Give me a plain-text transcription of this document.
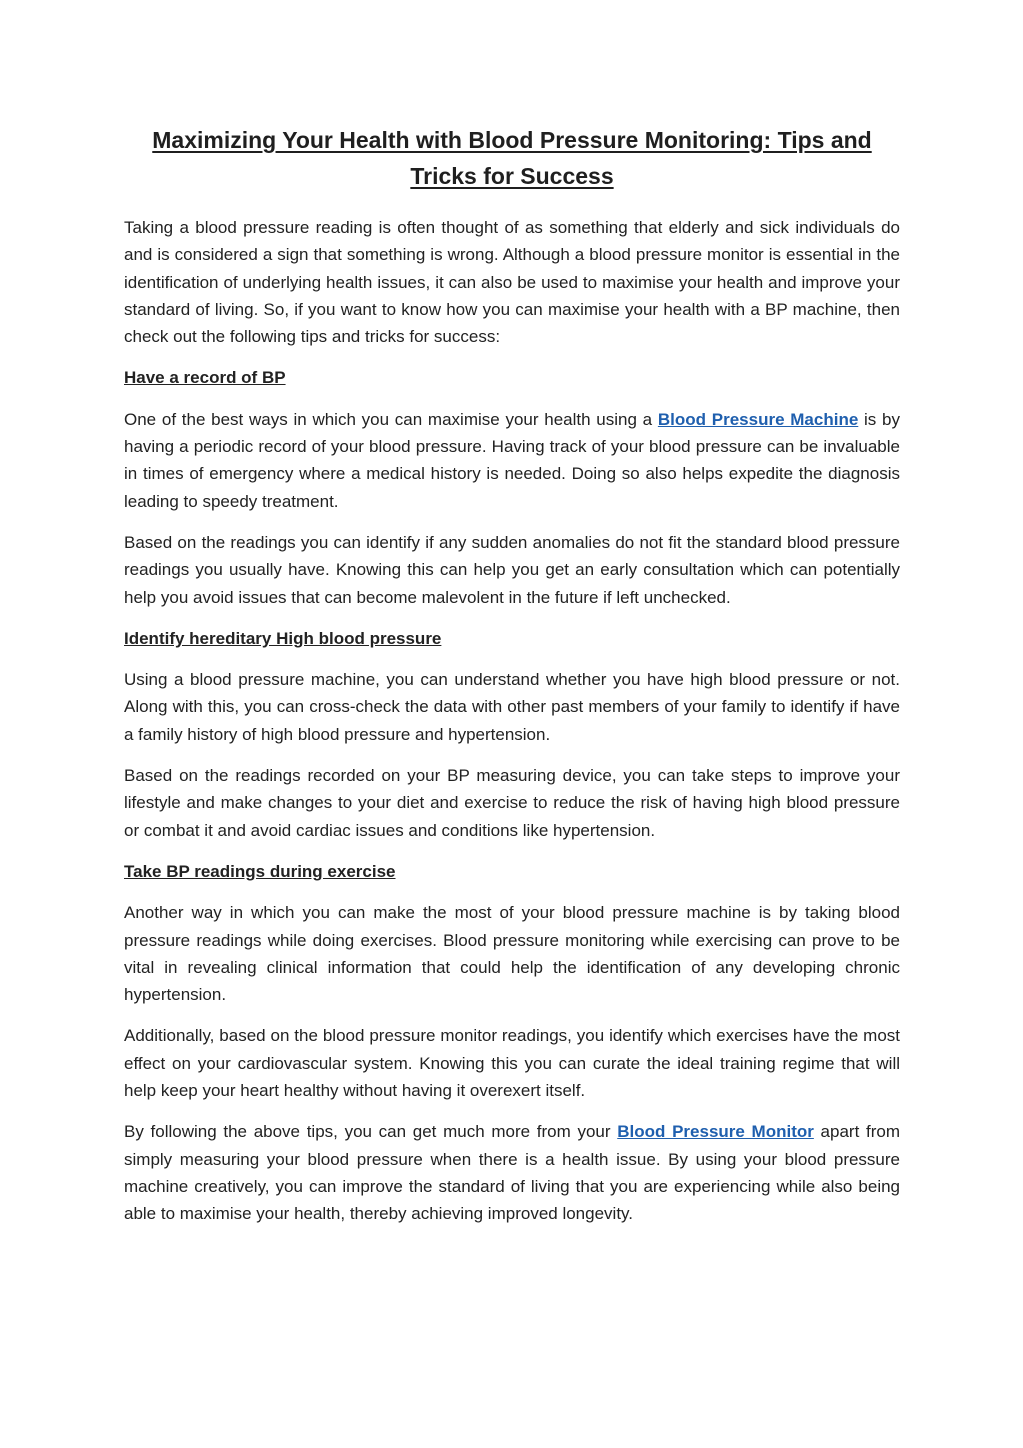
Maximizing Your Health with Blood Pressure Monitoring: Tips and Tricks for Success

Taking a blood pressure reading is often thought of as something that elderly and sick individuals do and is considered a sign that something is wrong. Although a blood pressure monitor is essential in the identification of underlying health issues, it can also be used to maximise your health and improve your standard of living. So, if you want to know how you can maximise your health with a BP machine, then check out the following tips and tricks for success:

Have a record of BP

One of the best ways in which you can maximise your health using a Blood Pressure Machine is by having a periodic record of your blood pressure. Having track of your blood pressure can be invaluable in times of emergency where a medical history is needed. Doing so also helps expedite the diagnosis leading to speedy treatment.

Based on the readings you can identify if any sudden anomalies do not fit the standard blood pressure readings you usually have. Knowing this can help you get an early consultation which can potentially help you avoid issues that can become malevolent in the future if left unchecked.

Identify hereditary High blood pressure

Using a blood pressure machine, you can understand whether you have high blood pressure or not. Along with this, you can cross-check the data with other past members of your family to identify if have a family history of high blood pressure and hypertension.

Based on the readings recorded on your BP measuring device, you can take steps to improve your lifestyle and make changes to your diet and exercise to reduce the risk of having high blood pressure or combat it and avoid cardiac issues and conditions like hypertension.

Take BP readings during exercise

Another way in which you can make the most of your blood pressure machine is by taking blood pressure readings while doing exercises. Blood pressure monitoring while exercising can prove to be vital in revealing clinical information that could help the identification of any developing chronic hypertension.

Additionally, based on the blood pressure monitor readings, you identify which exercises have the most effect on your cardiovascular system. Knowing this you can curate the ideal training regime that will help keep your heart healthy without having it overexert itself.

By following the above tips, you can get much more from your Blood Pressure Monitor apart from simply measuring your blood pressure when there is a health issue. By using your blood pressure machine creatively, you can improve the standard of living that you are experiencing while also being able to maximise your health, thereby achieving improved longevity.
